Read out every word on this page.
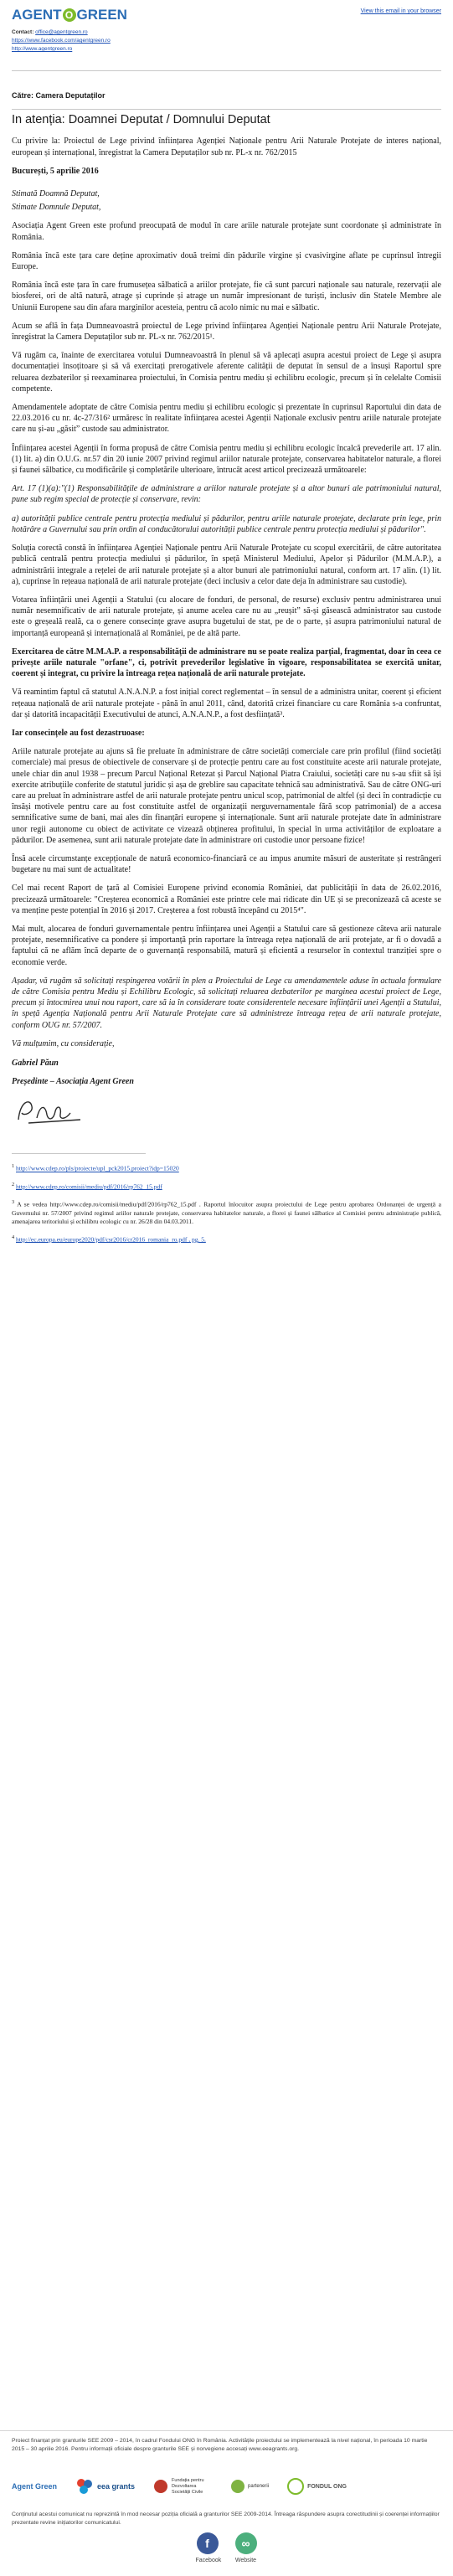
AGENT O GREEN	View this email in your browser
Contact: office@agentgreen.ro
https://www.facebook.com/agentgreen.ro
http://www.agentgreen.ro

Către: Camera Deputaților

In atenția: Doamnei Deputat / Domnului Deputat

Cu privire la: Proiectul de Lege privind înființarea Agenției Naționale pentru Arii Naturale Protejate de interes național, european și internațional, înregistrat la Camera Deputaților sub nr. PL-x nr. 762/2015

București, 5 aprilie 2016

Stimată Doamnă Deputat,

Stimate Domnule Deputat,

Asociația Agent Green este profund preocupată de modul în care ariile naturale protejate sunt coordonate și administrate în România.

România încă este țara care deține aproximativ două treimi din pădurile virgine și cvasivirgine aflate pe cuprinsul întregii Europe.

România încă este țara în care frumusețea sălbatică a ariilor protejate, fie că sunt parcuri naționale sau naturale, rezervații ale biosferei, ori de altă natură, atrage și cuprinde și atrage un număr impresionant de turiști, inclusiv din Statele Membre ale Uniunii Europene sau din afara marginilor acesteia, pentru că acolo nimic nu mai e sălbatic.

Acum se află în fața Dumneavoastră proiectul de Lege privind înființarea Agenției Naționale pentru Arii Naturale Protejate, înregistrat la Camera Deputaților sub nr. PL-x nr. 762/2015¹.

Vă rugăm ca, înainte de exercitarea votului Dumneavoastră în plenul să vă aplecați asupra acestui proiect de Lege și asupra documentației însoțitoare și să vă exercitați prerogativele aferente calității de deputat în sensul de a însuși Raportul sprе reluarea dezbaterilor și reexaminarea proiectului, în Comisia pentru mediu și echilibru ecologic, precum și în celelalte Comisii competente.

Amendamentele adoptate de către Comisia pentru mediu și echilibru ecologic și prezentate în cuprinsul Raportului din data de 22.03.2016 cu nr. 4c-27/316² urmăresc în realitate înființarea acestei Agenții Naționale exclusiv pentru ariile naturale protejate care nu și-au „găsit” custode sau administrator.

Înființarea acestei Agenții în forma propusă de către Comisia pentru mediu și echilibru ecologic încalcă prevederile art. 17 alin. (1) lit. a) din O.U.G. nr.57 din 20 iunie 2007 privind regimul ariilor naturale protejate, conservarea habitatelor naturale, a florei și faunei sălbatice, cu modificările și completările ulterioare, întrucât acest articol precizează următoarele:

Art. 17 (1)(a):"(1) Responsabilitățile de administrare a ariilor naturale protejate și a altor bunuri ale patrimoniului natural, pune sub regim special de protecție și conservare, revin:

a) autorității publice centrale pentru protecția mediului și pădurilor, pentru ariile naturale protejate, declarate prin lege, prin hotărâre a Guvernului sau prin ordin al conducătorului autorității publice centrale pentru protecția mediului și pădurilor".

Soluția corectă constă în înființarea Agenției Naționale pentru Arii Naturale Protejate cu scopul exercitării, de către autoritatea publică centrală pentru protecția mediului și pădurilor, în speță Ministerul Mediului, Apelor și Pădurilor (M.M.A.P.), a administrării integrale a rețelei de arii naturale protejate și a altor bunuri ale patrimoniului natural, conform art. 17 alin. (1) lit. a), cuprinse în rețeaua națională de arii naturale protejate (deci inclusiv a celor date deja în administrare sau custodie).

Votarea înființării unei Agenții a Statului (cu alocare de fonduri, de personal, de resurse) exclusiv pentru administrarea unui număr nesemnificativ de arii naturale protejate, și anume acelea care nu au „reușit” să-și găsească administrator sau custode este o greșeală reală, ca o genere consecințe grave asupra bugetului de stat, pe de o parte, și asupra patrimoniului natural de importanță europeană și internațională al României, pe de altă parte.

Exercitarea de către M.M.A.P. a responsabilității de administrare nu se poate realiza parțial, fragmentat, doar în ceea ce privește ariile naturale "orfane", ci, potrivit prevederilor legislative în vigoare, responsabilitatea se exercită unitar, coerent și integrat, cu privire la întreaga rețea națională de arii naturale protejate.

Vă reamintim faptul că statutul A.N.A.N.P. a fost inițial corect reglementat – în sensul de a administra unitar, coerent și eficient rețeaua națională de arii naturale protejate - până în anul 2011, când, datorită crizei financiare cu care România s-a confruntat, dar și datorită incapacității Executivului de atunci, A.N.A.N.P., a fost desființată³.

Iar consecințele au fost dezastruoase:

Ariile naturale protejate au ajuns să fie preluate în administrare de către societăți comerciale care prin profilul (fiind societăți comerciale) mai presus de obiectivele de conservare și de protecție pentru care au fost constituite aceste arii naturale protejate, unele chiar din anul 1938 – precum Parcul Național Retezat și Parcul Național Piatra Craiului, societăți care nu s-au sfiit să își exercite atribuțiile conferite de statutul juridic și așa de greblire sau capacitate tehnică sau administrativă. Sau de către ONG-uri care au preluat în administrare astfel de arii naturale protejate pentru unicul scop, patrimonial de altfel (și deci în contradicție cu însăși motivele pentru care au fost constituite astfel de organizații nerguvernamentale fără scop patrimonial) de a accesa semnificative sume de bani, mai ales din finanțări europene și internaționale. Sunt arii naturale protejate date în administrare unor regii autonome cu obiect de activitate ce vizează obținerea profitului, în special în urma activităților de exploatare a pădurilor. De asemenea, sunt arii naturale protejate date în administrare ori custodie unor persoane fizice!

Însă acele circumstanțe excepționale de natură economico-financiară ce au impus anumite măsuri de austeritate și restrângeri bugetare nu mai sunt de actualitate!

Cel mai recent Raport de țară al Comisiei Europene privind economia României, dat publicității în data de 26.02.2016, precizează următoarele: "Creșterea economică a României este printre cele mai ridicate din UE și se preconizează că aceste se va menține peste potențial în 2016 și 2017. Creșterea a fost robustă începând cu 2015⁴".

Mai mult, alocarea de fonduri guvernamentale pentru înființarea unei Agenții a Statului care să gestioneze câteva arii naturale protejate, nesemnificative ca pondere și importanță prin raportare la întreaga rețea națională de arii protejate, ar fi o dovadă a faptului că ne aflăm încă departe de o guvernanță responsabilă, matură și eficientă a resurselor în contextul tranziției spre o economie verde.

Așadar, vă rugăm să solicitați respingerea votării în plen a Proiectului de Lege cu amendamentele aduse în actuala formulare de către Comisia pentru Mediu și Echilibru Ecologic, să solicitați reluarea dezbaterilor pe marginea acestui proiect de Lege, precum și întocmirea unui nou raport, care să ia în considerare toate considerentele necesare înființării unei Agenții a Statului, în speță Agenția Națională pentru Arii Naturale Protejate care să administreze întreaga rețea de arii naturale protejate, conform OUG nr. 57/2007.

Vă mulțumim, cu considerație,

Gabriel Păun

Președinte – Asociația Agent Green

$^1$ http://www.cdep.ro/pls/proiecte/upl_pck2015.proiect?idp=15020

$^2$ http://www.cdep.ro/comisii/mediu/pdf/2016/rp762_15.pdf

$^3$ A se vedea http://www.cdep.ro/comisii/mediu/pdf/2016/rp762_15.pdf . Raportul înlocuitor asupra proiectului de Lege pentru aprobarea Ordonanței de urgență a Guvernului nr. 57/2007 privind regimul ariilor naturale protejate, conservarea habitatelor naturale, a florei și faunei sălbatice al Comisiei pentru administrație publică, amenajarea teritoriului și echilibru ecologic cu nr. 26/28 din 04.03.2011.

$^4$ http://ec.europa.eu/europe2020/pdf/csr2016/cr2016_romania_ro.pdf , pg. 5.

Proiect finanțat prin granturile SEE 2009 – 2014, în cadrul Fondului ONG în România. Activitățile proiectului se implementează la nivel național, în perioada 10 martie 2015 – 30 aprilie 2016. Pentru informații oficiale despre granturile SEE și norvegiene accesați www.eeagrants.org.
Agent Green	eea grants
Fundația pentru Dezvoltarea Societății Civile
partenerii	FONDUL ONG
Conținutul acestui comunicat nu reprezintă în mod necesar poziția oficială a granturilor SEE 2009-2014. Întreaga răspundere asupra corectitudinii și coerenței informațiilor prezentate revine inițiatorilor comunicatului.
f
Facebook
∞
Website
